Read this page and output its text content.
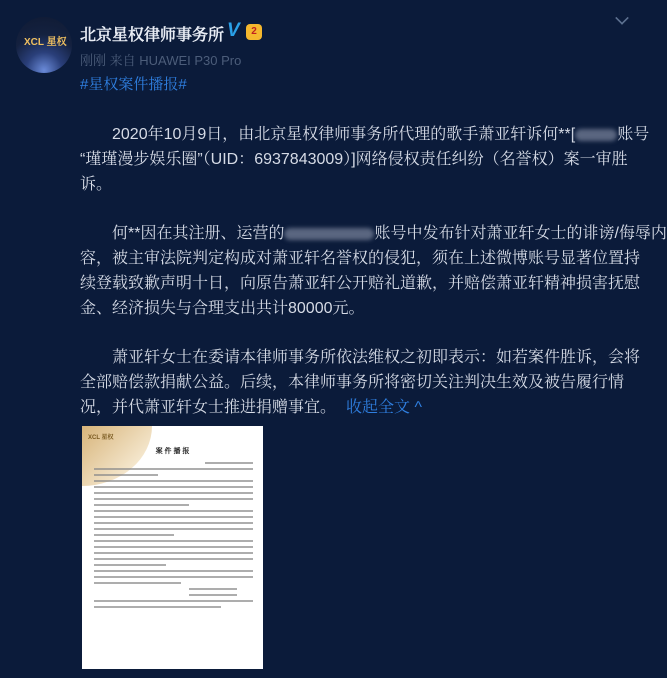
XCL 星权 北京星权律师事务所 V	2
刚刚 来自 HUAWEI P30 Pro
#星权案件播报#
  2020年10月9日，由北京星权律师事务所代理的歌手萧亚轩诉何**[	账号
“瑾瑾漫步娱乐圈”（UID：6937843009）]网络侵权责任纠纷（名誉权）案一审胜
诉。
  何**因在其注册、运营的	账号中发布针对萧亚轩女士的诽谤/侮辱内
容，被主审法院判定构成对萧亚轩名誉权的侵犯，须在上述微博账号显著位置持
续登载致歉声明十日，向原告萧亚轩公开赔礼道歉，并赔偿萧亚轩精神损害抚慰
金、经济损失与合理支出共计80000元。
  萧亚轩女士在委请本律师事务所依法维权之初即表示：如若案件胜诉，会将
全部赔偿款捐献公益。后续，本律师事务所将密切关注判决生效及被告履行情
况，并代萧亚轩女士推进捐赠事宜。 收起全文 ^
XCL 星权
案 件 播 报
